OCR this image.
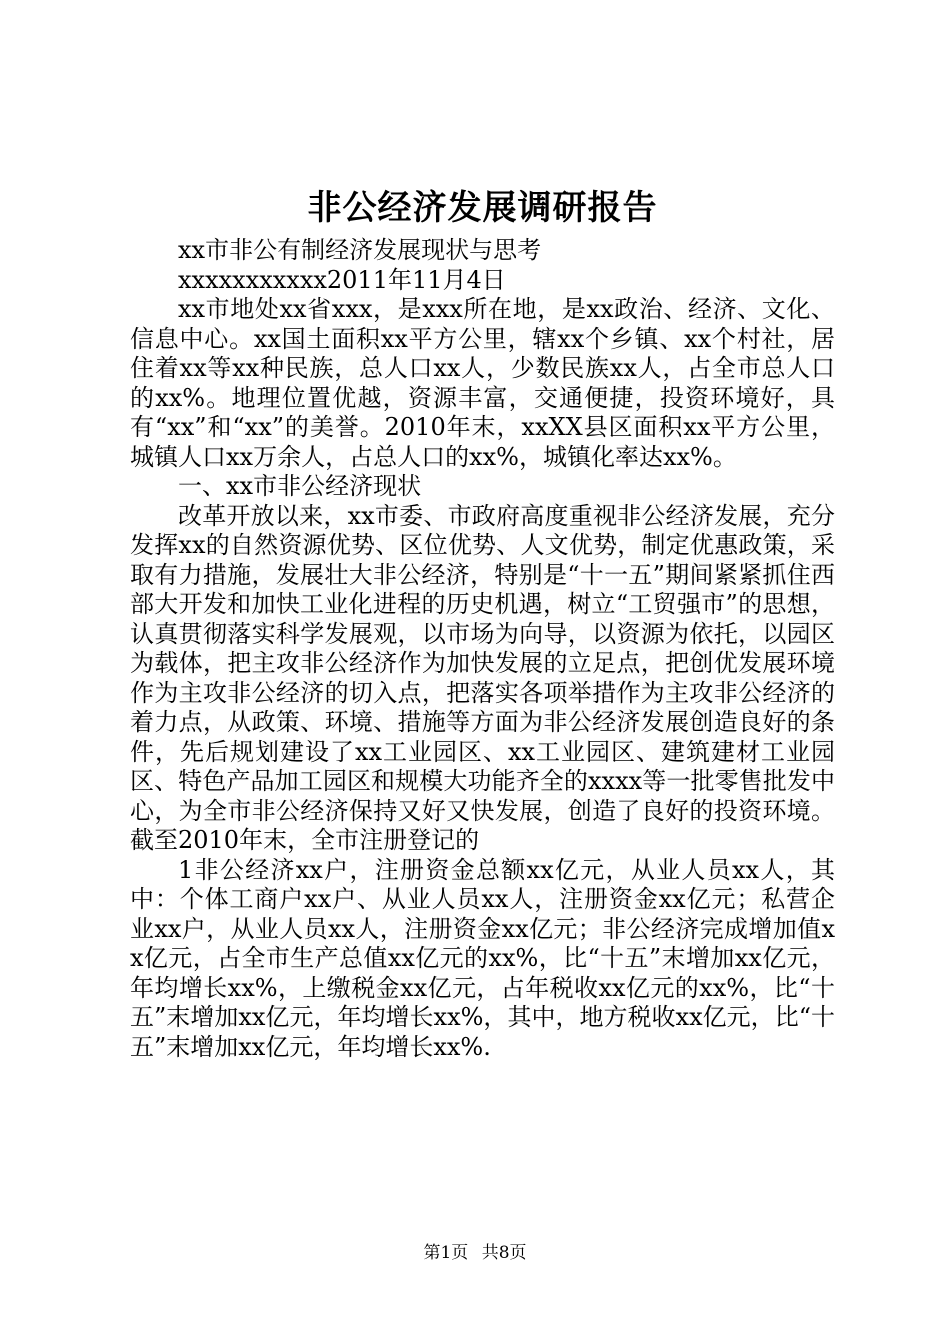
非公经济发展调研报告

xx市非公有制经济发展现状与思考

xxxxxxxxxxx2011年11月4日

xx市地处xx省xxx，是xxx所在地，是xx政治、经济、文化、信息中心。xx国土面积xx平方公里，辖xx个乡镇、xx个村社，居住着xx等xx种民族，总人口xx人，少数民族xx人，占全市总人口的xx%。地理位置优越，资源丰富，交通便捷，投资环境好，具有“xx”和“xx”的美誉。2010年末，xxXX县区面积xx平方公里，城镇人口xx万余人，占总人口的xx%，城镇化率达xx%。

一、xx市非公经济现状

改革开放以来，xx市委、市政府高度重视非公经济发展，充分发挥xx的自然资源优势、区位优势、人文优势，制定优惠政策，采取有力措施，发展壮大非公经济，特别是“十一五”期间紧紧抓住西部大开发和加快工业化进程的历史机遇，树立“工贸强市”的思想，认真贯彻落实科学发展观，以市场为向导，以资源为依托，以园区为载体，把主攻非公经济作为加快发展的立足点，把创优发展环境作为主攻非公经济的切入点，把落实各项举措作为主攻非公经济的着力点，从政策、环境、措施等方面为非公经济发展创造良好的条件，先后规划建设了xx工业园区、xx工业园区、建筑建材工业园区、特色产品加工园区和规模大功能齐全的xxxx等一批零售批发中心，为全市非公经济保持又好又快发展，创造了良好的投资环境。截至2010年末，全市注册登记的

1非公经济xx户，注册资金总额xx亿元，从业人员xx人，其中：个体工商户xx户、从业人员xx人，注册资金xx亿元；私营企业xx户，从业人员xx人，注册资金xx亿元；非公经济完成增加值xx亿元，占全市生产总值xx亿元的xx%，比“十五”末增加xx亿元，年均增长xx%，上缴税金xx亿元，占年税收xx亿元的xx%，比“十五”末增加xx亿元，年均增长xx%，其中，地方税收xx亿元，比“十五”末增加xx亿元，年均增长xx%.

第1页 共8页
